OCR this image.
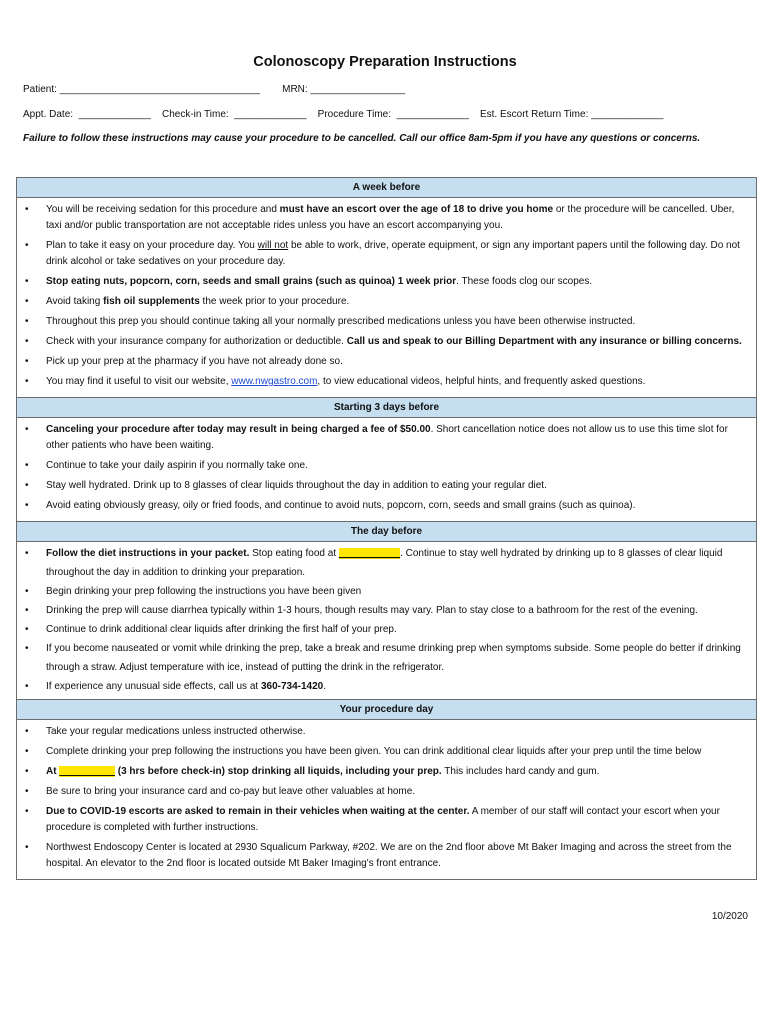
Colonoscopy Preparation Instructions
Patient: ____________________________________        MRN: _________________
Appt. Date:  _____________    Check-in Time:  _____________    Procedure Time:  _____________    Est. Escort Return Time: _____________
Failure to follow these instructions may cause your procedure to be cancelled. Call our office 8am-5pm if you have any questions or concerns.
A week before
• You will be receiving sedation for this procedure and must have an escort over the age of 18 to drive you home or the procedure will be cancelled. Uber, taxi and/or public transportation are not acceptable rides unless you have an escort accompanying you.
• Plan to take it easy on your procedure day. You will not be able to work, drive, operate equipment, or sign any important papers until the following day. Do not drink alcohol or take sedatives on your procedure day.
• Stop eating nuts, popcorn, corn, seeds and small grains (such as quinoa) 1 week prior. These foods clog our scopes.
• Avoid taking fish oil supplements the week prior to your procedure.
• Throughout this prep you should continue taking all your normally prescribed medications unless you have been otherwise instructed.
• Check with your insurance company for authorization or deductible. Call us and speak to our Billing Department with any insurance or billing concerns.
• Pick up your prep at the pharmacy if you have not already done so.
• You may find it useful to visit our website, www.nwgastro.com, to view educational videos, helpful hints, and frequently asked questions.
Starting 3 days before
• Canceling your procedure after today may result in being charged a fee of $50.00. Short cancellation notice does not allow us to use this time slot for other patients who have been waiting.
• Continue to take your daily aspirin if you normally take one.
• Stay well hydrated. Drink up to 8 glasses of clear liquids throughout the day in addition to eating your regular diet.
• Avoid eating obviously greasy, oily or fried foods, and continue to avoid nuts, popcorn, corn, seeds and small grains (such as quinoa).
The day before
• Follow the diet instructions in your packet. Stop eating food at ___________. Continue to stay well hydrated by drinking up to 8 glasses of clear liquid throughout the day in addition to drinking your preparation.
• Begin drinking your prep following the instructions you have been given
• Drinking the prep will cause diarrhea typically within 1-3 hours, though results may vary. Plan to stay close to a bathroom for the rest of the evening.
• Continue to drink additional clear liquids after drinking the first half of your prep.
• If you become nauseated or vomit while drinking the prep, take a break and resume drinking prep when symptoms subside. Some people do better if drinking through a straw. Adjust temperature with ice, instead of putting the drink in the refrigerator.
• If experience any unusual side effects, call us at 360-734-1420.
Your procedure day
• Take your regular medications unless instructed otherwise.
• Complete drinking your prep following the instructions you have been given. You can drink additional clear liquids after your prep until the time below
• At __________ (3 hrs before check-in) stop drinking all liquids, including your prep. This includes hard candy and gum.
• Be sure to bring your insurance card and co-pay but leave other valuables at home.
• Due to COVID-19 escorts are asked to remain in their vehicles when waiting at the center. A member of our staff will contact your escort when your procedure is completed with further instructions.
• Northwest Endoscopy Center is located at 2930 Squalicum Parkway, #202. We are on the 2nd floor above Mt Baker Imaging and across the street from the hospital. An elevator to the 2nd floor is located outside Mt Baker Imaging's front entrance.
10/2020
